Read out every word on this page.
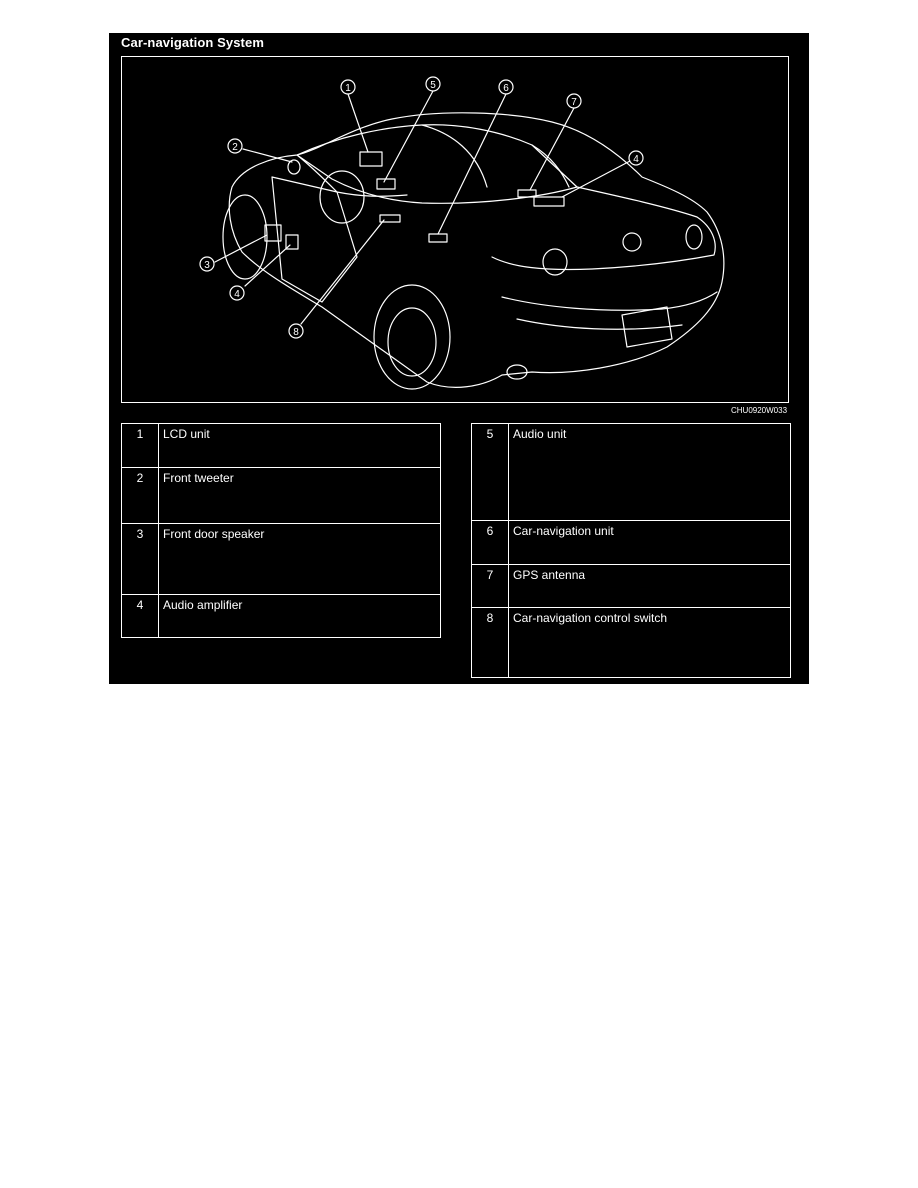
Car-navigation System
1
2
3
4
4
5	6
7
8
CHU0920W033
1	LCD unit
2	Front tweeter
3	Front door speaker
4	Audio amplifier
5	Audio unit
6	Car-navigation unit
7	GPS antenna
8	Car-navigation control switch
